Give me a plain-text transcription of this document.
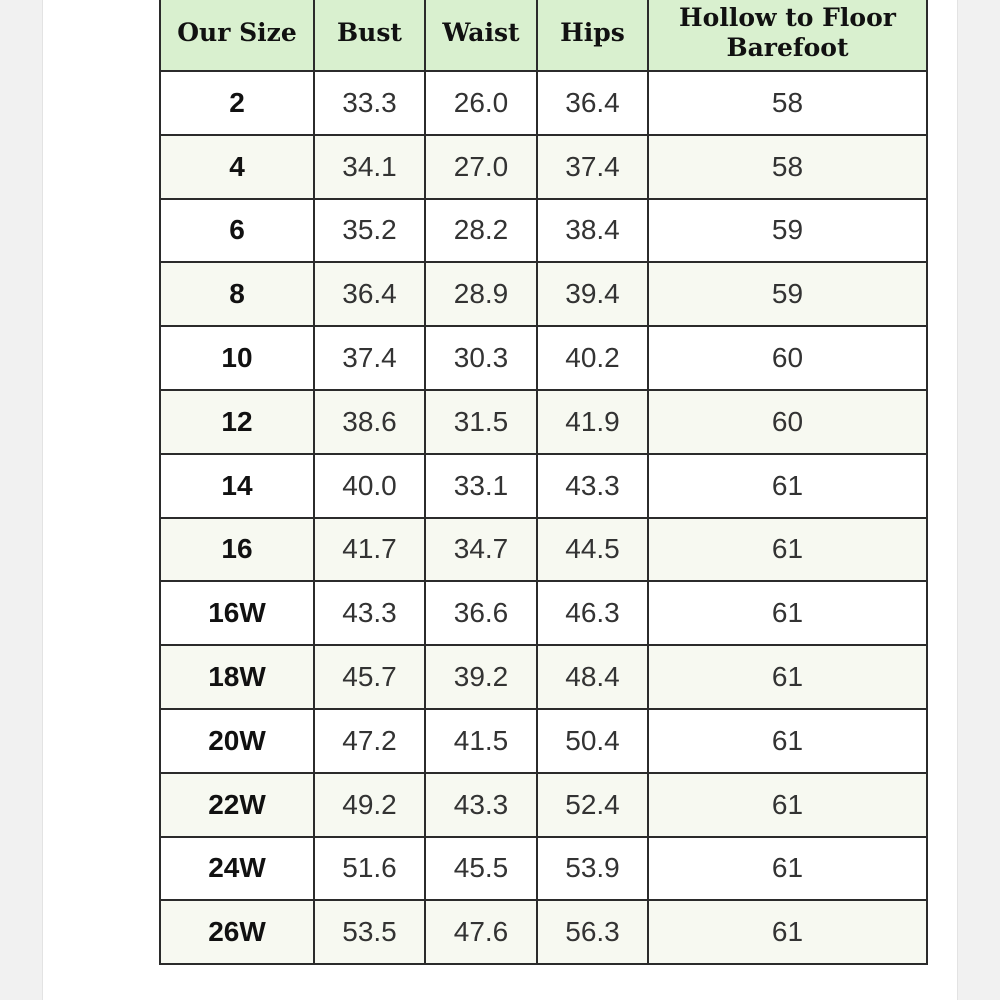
Our Size	Bust	Waist	Hips	Hollow to Floor
Barefoot
2	33.3	26.0	36.4	58
4	34.1	27.0	37.4	58
6	35.2	28.2	38.4	59
8	36.4	28.9	39.4	59
10	37.4	30.3	40.2	60
12	38.6	31.5	41.9	60
14	40.0	33.1	43.3	61
16	41.7	34.7	44.5	61
16W	43.3	36.6	46.3	61
18W	45.7	39.2	48.4	61
20W	47.2	41.5	50.4	61
22W	49.2	43.3	52.4	61
24W	51.6	45.5	53.9	61
26W	53.5	47.6	56.3	61
